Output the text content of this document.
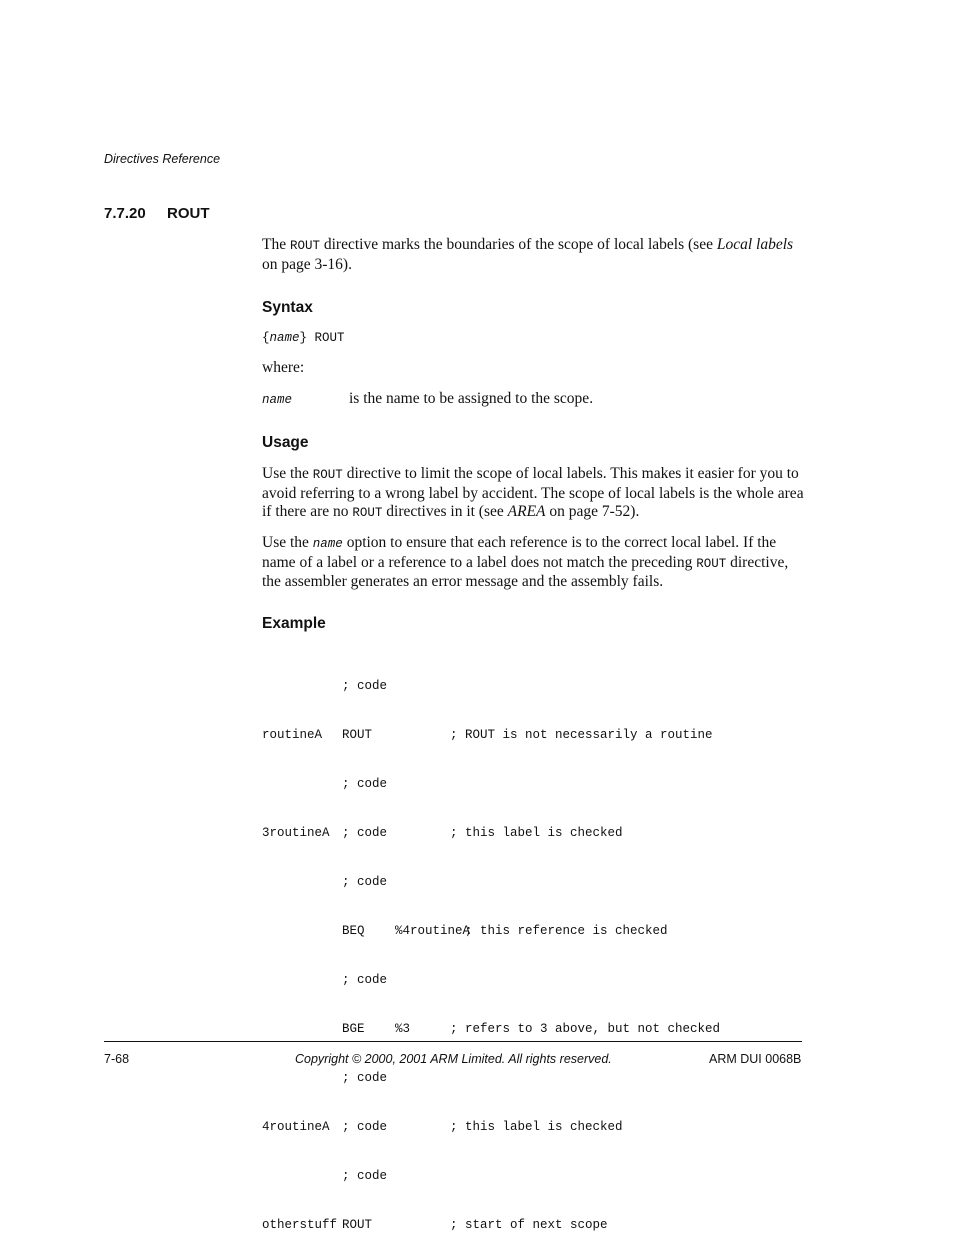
Directives Reference
7.7.20 ROUT
The ROUT directive marks the boundaries of the scope of local labels (see Local labels on page 3-16).
Syntax
{name} ROUT
where:
name	is the name to be assigned to the scope.
Usage
Use the ROUT directive to limit the scope of local labels. This makes it easier for you to avoid referring to a wrong label by accident. The scope of local labels is the whole area if there are no ROUT directives in it (see AREA on page 7-52).
Use the name option to ensure that each reference is to the correct local label. If the name of a label or a reference to a label does not match the preceding ROUT directive, the assembler generates an error message and the assembly fails.
Example

; code

routineA ROUT	; ROUT is not necessarily a routine

; code

3routineA ; code	; this label is checked

; code

BEQ %4routineA  ; this reference is checked

; code

BGE %3	; refers to 3 above, but not checked

; code

4routineA ; code	; this label is checked

; code

otherstuff ROUT	; start of next scope

7-68	Copyright © 2000, 2001 ARM Limited. All rights reserved.	ARM DUI 0068B
